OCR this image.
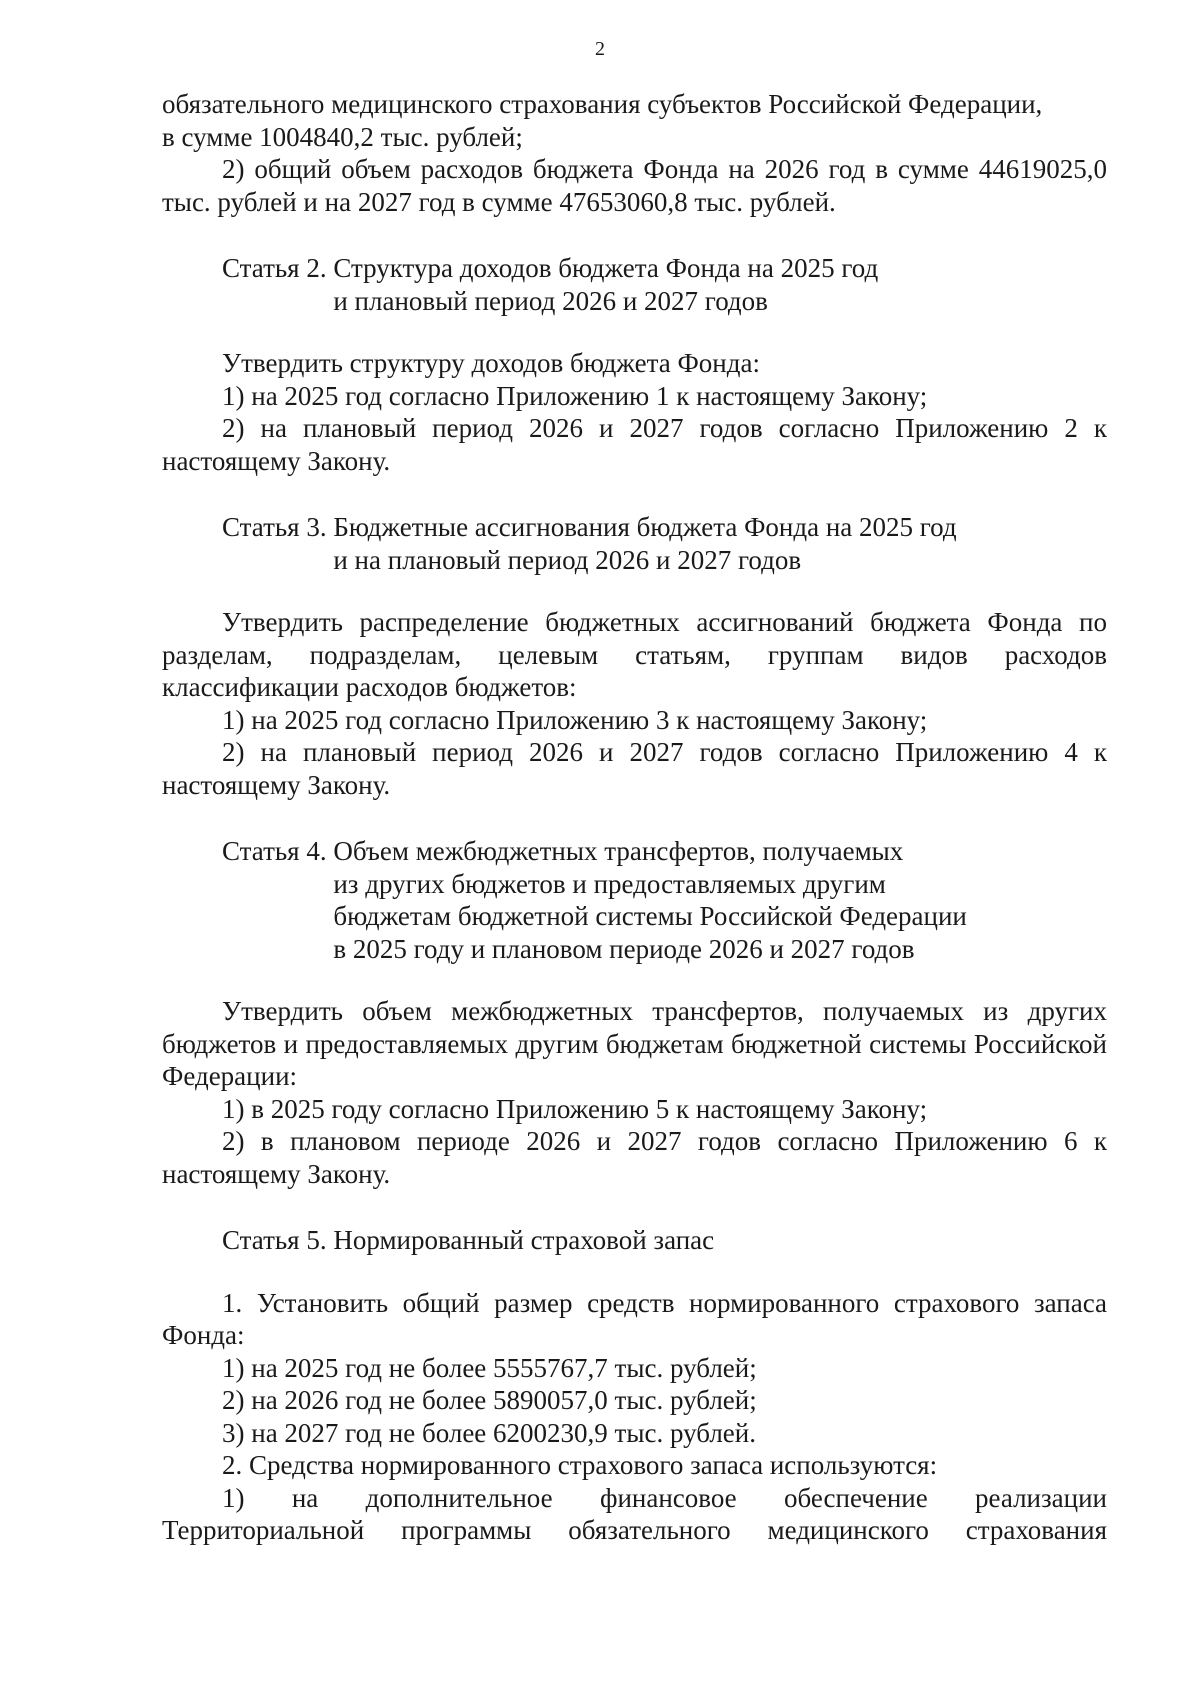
2

обязательного медицинского страхования субъектов Российской Федерации,

в сумме 1004840,2 тыс. рублей;

2) общий объем расходов бюджета Фонда на 2026 год в сумме 44619025,0 тыс. рублей и на 2027 год в сумме 47653060,8 тыс. рублей.

Статья 2. Структура доходов бюджета Фонда на 2025 год
и плановый период 2026 и 2027 годов

Утвердить структуру доходов бюджета Фонда:

1) на 2025 год согласно Приложению 1 к настоящему Закону;

2) на плановый период 2026 и 2027 годов согласно Приложению 2 к настоящему Закону.

Статья 3. Бюджетные ассигнования бюджета Фонда на 2025 год
и на плановый период 2026 и 2027 годов

Утвердить распределение бюджетных ассигнований бюджета Фонда по разделам, подразделам, целевым статьям, группам видов расходов классификации расходов бюджетов:

1) на 2025 год согласно Приложению 3 к настоящему Закону;

2) на плановый период 2026 и 2027 годов согласно Приложению 4 к настоящему Закону.

Статья 4. Объем межбюджетных трансфертов, получаемых
из других бюджетов и предоставляемых другим
бюджетам бюджетной системы Российской Федерации
в 2025 году и плановом периоде 2026 и 2027 годов

Утвердить объем межбюджетных трансфертов, получаемых из других бюджетов и предоставляемых другим бюджетам бюджетной системы Российской Федерации:

1) в 2025 году согласно Приложению 5 к настоящему Закону;

2) в плановом периоде 2026 и 2027 годов согласно Приложению 6 к настоящему Закону.

Статья 5. Нормированный страховой запас

1. Установить общий размер средств нормированного страхового запаса Фонда:

1) на 2025 год не более 5555767,7 тыс. рублей;

2) на 2026 год не более 5890057,0 тыс. рублей;

3) на 2027 год не более 6200230,9 тыс. рублей.

2. Средства нормированного страхового запаса используются:

1) на дополнительное финансовое обеспечение реализации

Территориальной программы обязательного медицинского страхования
